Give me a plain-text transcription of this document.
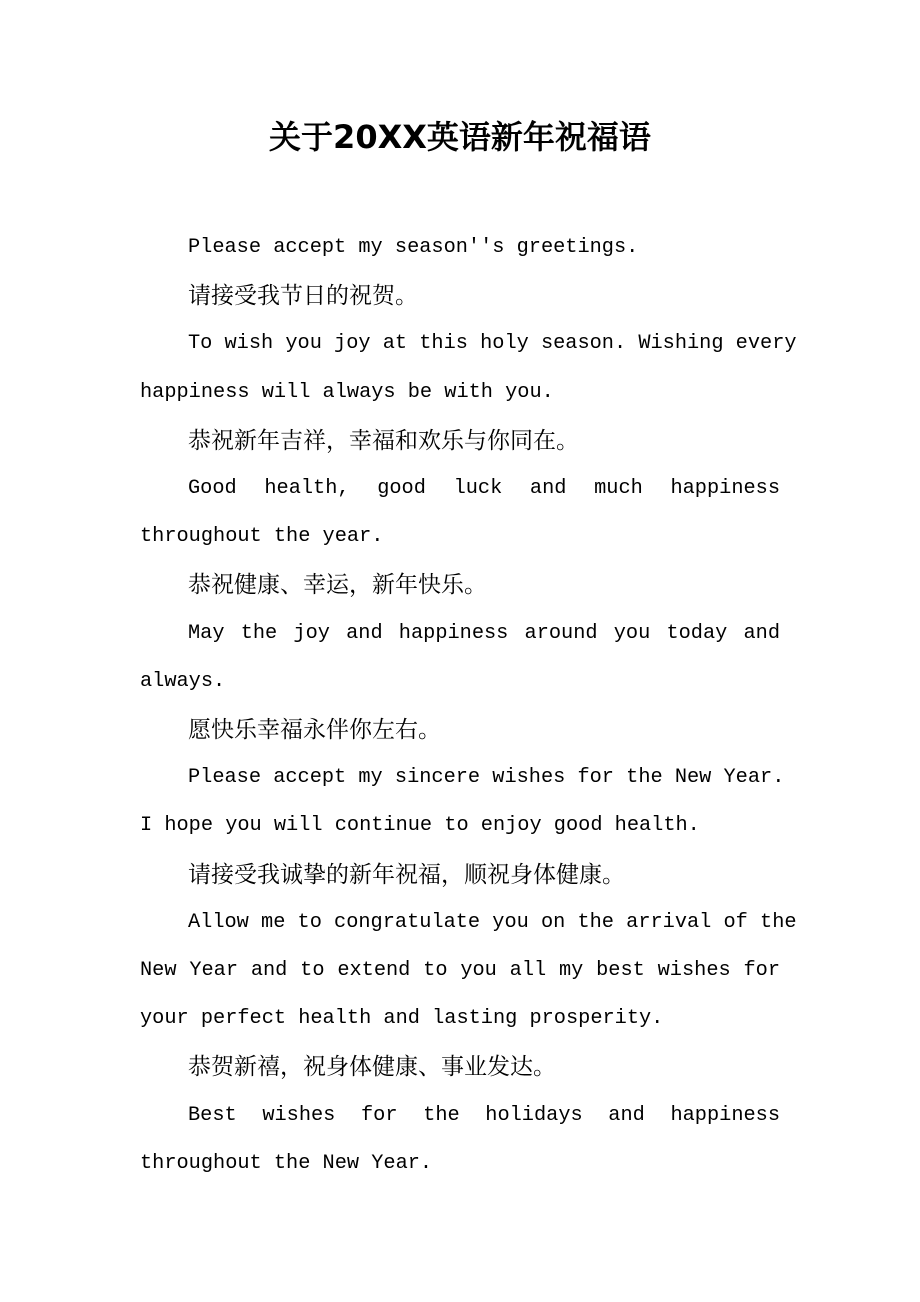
关于20XX英语新年祝福语
Please accept my season''s greetings.
请接受我节日的祝贺。
To wish you joy at this holy season. Wishing every
happiness will always be with you.
恭祝新年吉祥，幸福和欢乐与你同在。
Good health, good luck and much happiness
throughout the year.
恭祝健康、幸运，新年快乐。
May the joy and happiness around you today and
always.
愿快乐幸福永伴你左右。
Please accept my sincere wishes for the New Year.
I hope you will continue to enjoy good health.
请接受我诚挚的新年祝福，顺祝身体健康。
Allow me to congratulate you on the arrival of the
New Year and to extend to you all my best wishes for
your perfect health and lasting prosperity.
恭贺新禧，祝身体健康、事业发达。
Best wishes for the holidays and happiness
throughout the New Year.
